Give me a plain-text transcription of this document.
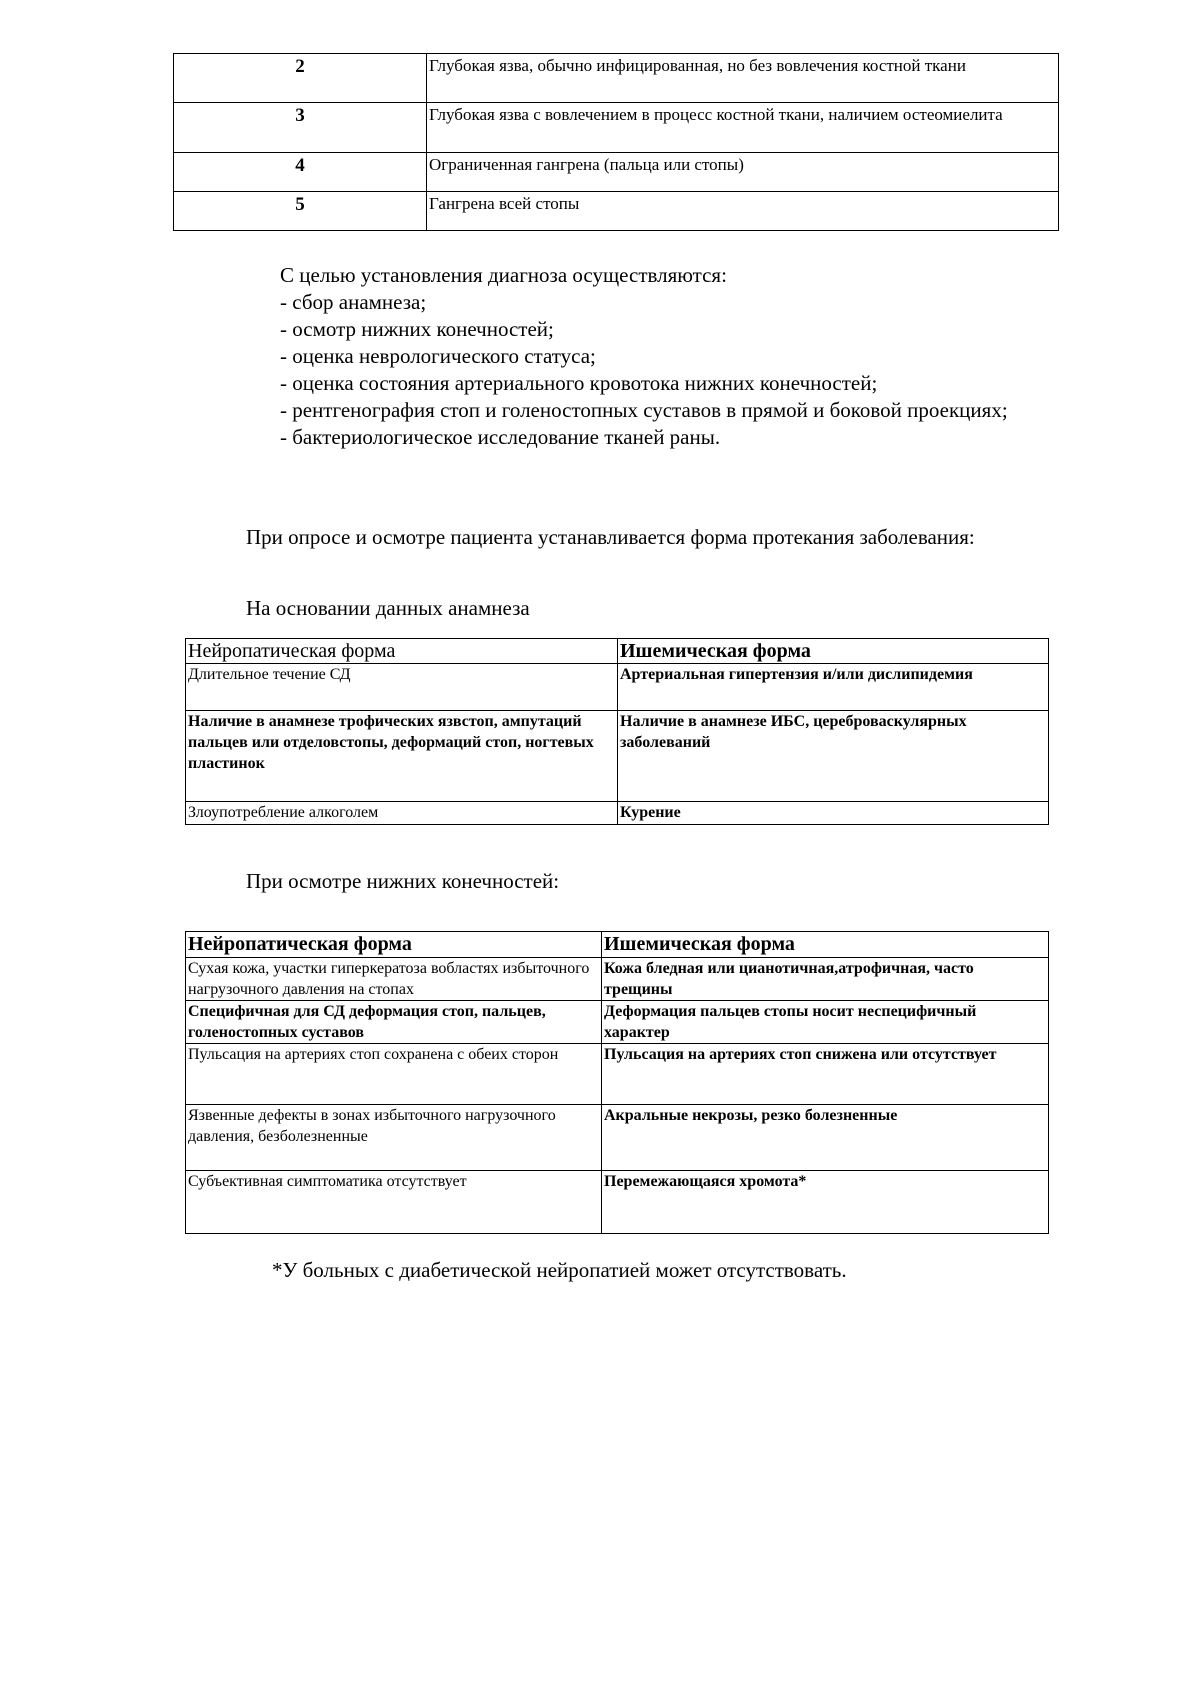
2	Глубокая язва, обычно инфицированная, но без вовлечения костной ткани
3	Глубокая язва с вовлечением в процесс костной ткани, наличием остеомиелита
4	Ограниченная гангрена (пальца или стопы)
5	Гангрена всей стопы

С целью установления диагноза осуществляются:

- сбор анамнеза;
- осмотр нижних конечностей;
- оценка неврологического статуса;
- оценка состояния артериального кровотока нижних конечностей;
- рентгенография стоп и голеностопных суставов в прямой и боковой проекциях;
- бактериологическое исследование тканей раны.

При опросе и осмотре пациента устанавливается форма протекания заболевания:

На основании данных анамнеза

Нейропатическая форма	Ишемическая форма
Длительное течение СД	Артериальная гипертензия и/или дислипидемия
Наличие в анамнезе трофических язвстоп, ампутаций пальцев или отделовстопы, деформаций стоп, ногтевых пластинок	Наличие в анамнезе ИБС, цереброваскулярных заболеваний
Злоупотребление алкоголем	Курение

При осмотре нижних конечностей:

Нейропатическая форма	Ишемическая форма
Сухая кожа, участки гиперкератоза вобластях избыточного нагрузочного давления на стопах	Кожа бледная или цианотичная,атрофичная, часто трещины
Специфичная для СД деформация стоп, пальцев, голеностопных суставов	Деформация пальцев стопы носит неспецифичный характер
Пульсация на артериях стоп сохранена с обеих сторон	Пульсация на артериях стоп снижена или отсутствует
Язвенные дефекты в зонах избыточного нагрузочного давления, безболезненные	Акральные некрозы, резко болезненные
Субъективная симптоматика отсутствует	Перемежающаяся хромота*

*У больных с диабетической нейропатией может отсутствовать.
